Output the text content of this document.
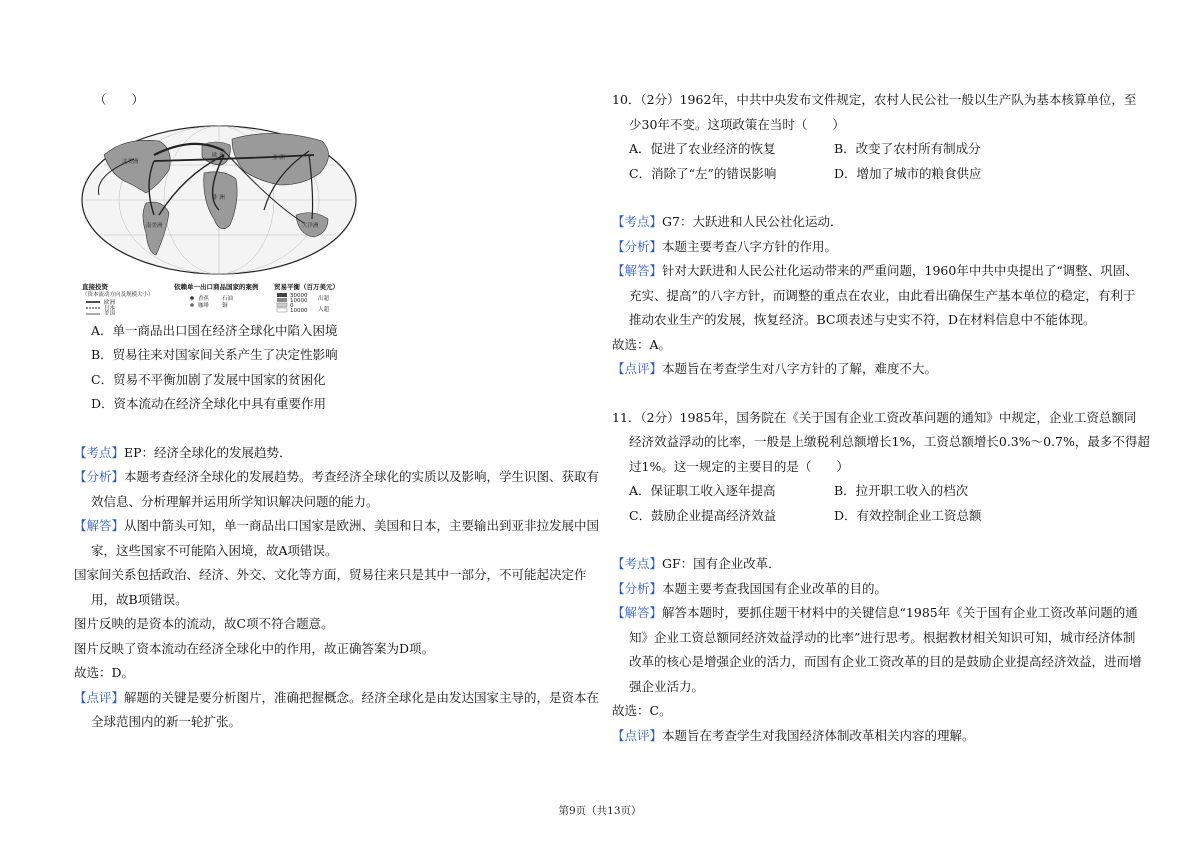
（　　）
欧 洲
北美洲
南美洲
非 洲
亚 洲
大洋洲
直接投资
（资本流动方向及规模大小）
欧洲
日本
美国
依赖单一出口商品国家的案例
香蕉
咖啡
石油
铜
贸易平衡（百万美元）
30000
10000
0
10000
出超
入超
A．单一商品出口国在经济全球化中陷入困境
B．贸易往来对国家间关系产生了决定性影响
C．贸易不平衡加剧了发展中国家的贫困化
D．资本流动在经济全球化中具有重要作用
【考点】EP：经济全球化的发展趋势．
【分析】本题考查经济全球化的发展趋势。考查经济全球化的实质以及影响，学生识图、获取有
效信息、分析理解并运用所学知识解决问题的能力。
【解答】从图中箭头可知，单一商品出口国家是欧洲、美国和日本，主要输出到亚非拉发展中国
家，这些国家不可能陷入困境，故A项错误。
国家间关系包括政治、经济、外交、文化等方面，贸易往来只是其中一部分，不可能起决定作
用，故B项错误。
图片反映的是资本的流动，故C项不符合题意。
图片反映了资本流动在经济全球化中的作用，故正确答案为D项。
故选：D。
【点评】解题的关键是要分析图片，准确把握概念。经济全球化是由发达国家主导的，是资本在
全球范围内的新一轮扩张。
10．（2分）1962年，中共中央发布文件规定，农村人民公社一般以生产队为基本核算单位，至
少30年不变。这项政策在当时（　　）
A．促进了农业经济的恢复	B．改变了农村所有制成分
C．消除了“左”的错误影响	D．增加了城市的粮食供应
【考点】G7：大跃进和人民公社化运动．
【分析】本题主要考查八字方针的作用。
【解答】针对大跃进和人民公社化运动带来的严重问题，1960年中共中央提出了“调整、巩固、
充实、提高”的八字方针，而调整的重点在农业，由此看出确保生产基本单位的稳定，有利于
推动农业生产的发展，恢复经济。BC项表述与史实不符，D在材料信息中不能体现。
故选：A。
【点评】本题旨在考查学生对八字方针的了解，难度不大。
11．（2分）1985年，国务院在《关于国有企业工资改革问题的通知》中规定，企业工资总额同
经济效益浮动的比率，一般是上缴税利总额增长1%，工资总额增长0.3%～0.7%，最多不得超
过1%。这一规定的主要目的是（　　）
A．保证职工收入逐年提高	B．拉开职工收入的档次
C．鼓励企业提高经济效益	D．有效控制企业工资总额
【考点】GF：国有企业改革．
【分析】本题主要考查我国国有企业改革的目的。
【解答】解答本题时，要抓住题干材料中的关键信息“1985年《关于国有企业工资改革问题的通
知》企业工资总额同经济效益浮动的比率”进行思考。根据教材相关知识可知，城市经济体制
改革的核心是增强企业的活力，而国有企业工资改革的目的是鼓励企业提高经济效益，进而增
强企业活力。
故选：C。
【点评】本题旨在考查学生对我国经济体制改革相关内容的理解。
第9页（共13页）
